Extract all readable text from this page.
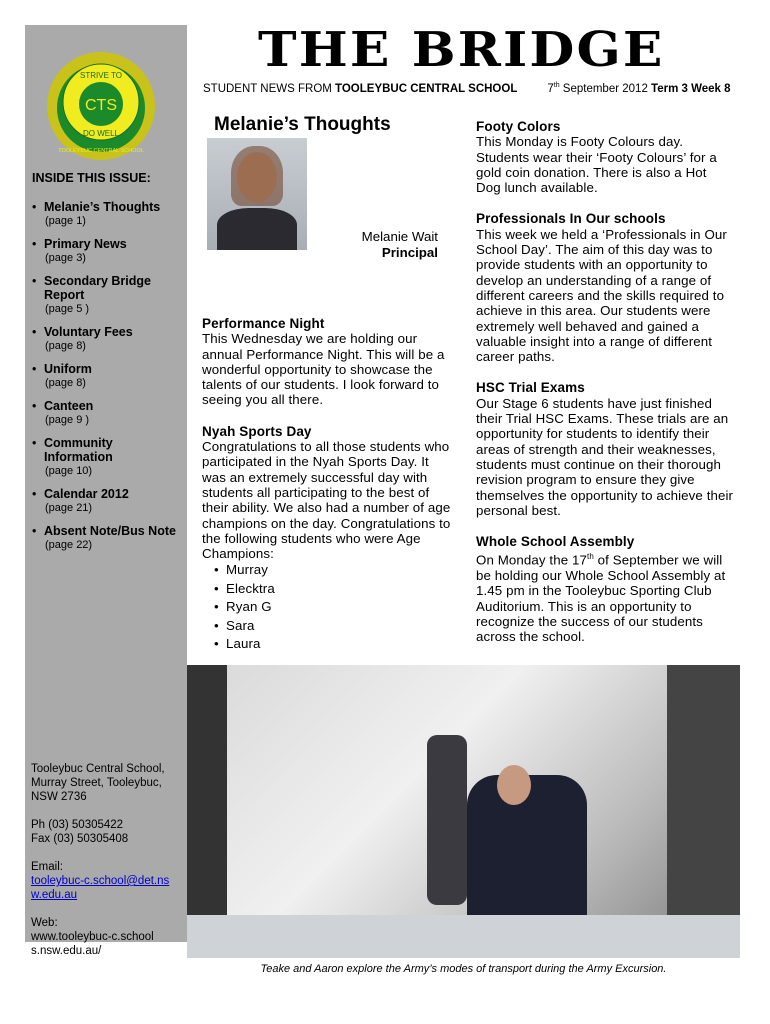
CTS
STRIVE TO
DO WELL
TOOLEYBUC CENTRAL SCHOOL
INSIDE THIS ISSUE:
• Melanie’s Thoughts
(page 1)
• Primary News
(page 3)
• Secondary Bridge Report
(page 5 )
• Voluntary Fees
(page 8)
• Uniform
(page 8)
• Canteen
(page 9 )
• Community Information
(page 10)
• Calendar 2012
(page 21)
• Absent Note/Bus Note
(page 22)
Tooleybuc Central School,
Murray Street, Tooleybuc,
NSW 2736
Ph (03) 50305422
Fax (03) 50305408
Email:
tooleybuc-c.school@det.nsw.edu.au
Web:
www.tooleybuc-c.schools.nsw.edu.au/
THE BRIDGE
STUDENT NEWS FROM TOOLEYBUC CENTRAL SCHOOL	7th September 2012 Term 3 Week 8
Melanie’s Thoughts
Melanie Wait
Principal
Performance Night

This Wednesday we are holding our annual Performance Night. This will be a wonderful opportunity to showcase the talents of our students. I look forward to seeing you all there.

Nyah Sports Day
Congratulations to all those students who participated in the Nyah Sports Day. It was an extremely successful day with students all participating to the best of their ability. We also had a number of age champions on the day. Congratulations to the following students who were Age Champions:
• Murray
• Elecktra
• Ryan G
• Sara
• Laura
Footy Colors

This Monday is Footy Colours day. Students wear their ‘Footy Colours’ for a gold coin donation. There is also a Hot Dog lunch available.

Professionals In Our schools

This week we held a ‘Professionals in Our School Day’. The aim of this day was to provide students with an opportunity to develop an understanding of a range of different careers and the skills required to achieve in this area. Our students were extremely well behaved and gained a valuable insight into a range of different career paths.

HSC Trial Exams

Our Stage 6 students have just finished their Trial HSC Exams. These trials are an opportunity for students to identify their areas of strength and their weaknesses, students must continue on their thorough revision program to ensure they give themselves the opportunity to achieve their personal best.

Whole School Assembly
On Monday the 17th of September we will be holding our Whole School Assembly at 1.45 pm in the Tooleybuc Sporting Club Auditorium. This is an opportunity to recognize the success of our students across the school.
Teake and Aaron explore the Army’s modes of transport during the Army Excursion.
